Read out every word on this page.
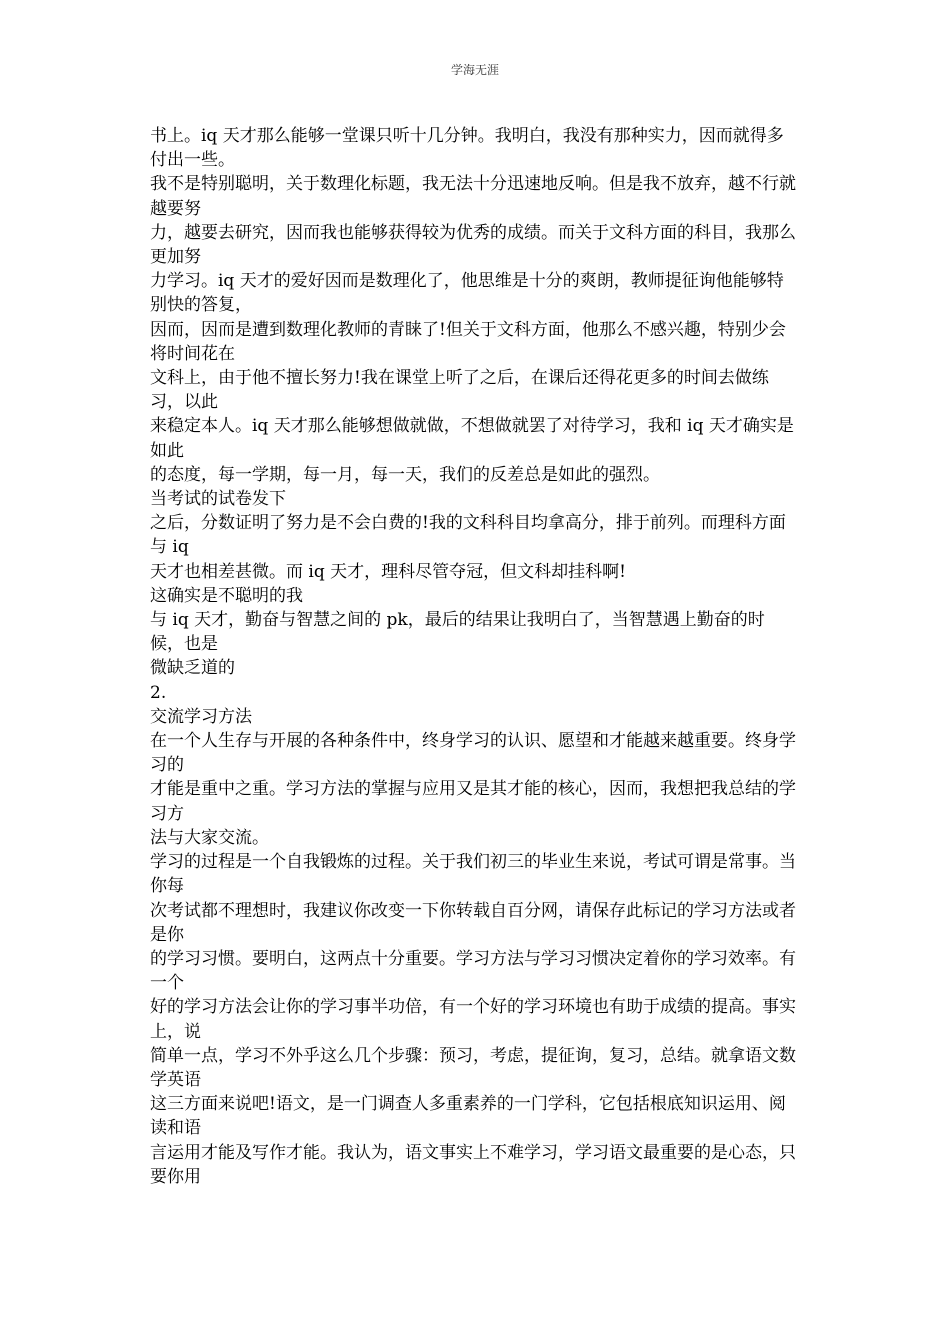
学海无涯

书上。iq 天才那么能够一堂课只听十几分钟。我明白，我没有那种实力，因而就得多付出一些。

我不是特别聪明，关于数理化标题，我无法十分迅速地反响。但是我不放弃，越不行就越要努

力，越要去研究，因而我也能够获得较为优秀的成绩。而关于文科方面的科目，我那么更加努

力学习。iq 天才的爱好因而是数理化了，他思维是十分的爽朗，教师提征询他能够特别快的答复，

因而，因而是遭到数理化教师的青睐了!但关于文科方面，他那么不感兴趣，特别少会将时间花在

文科上，由于他不擅长努力!我在课堂上听了之后，在课后还得花更多的时间去做练习，以此

来稳定本人。iq 天才那么能够想做就做，不想做就罢了对待学习，我和 iq 天才确实是如此

的态度，每一学期，每一月，每一天，我们的反差总是如此的强烈。

当考试的试卷发下

之后，分数证明了努力是不会白费的!我的文科科目均拿高分，排于前列。而理科方面与 iq

天才也相差甚微。而 iq 天才，理科尽管夺冠，但文科却挂科啊!

这确实是不聪明的我

与 iq 天才，勤奋与智慧之间的 pk，最后的结果让我明白了，当智慧遇上勤奋的时候，也是

微缺乏道的

2.

交流学习方法

在一个人生存与开展的各种条件中，终身学习的认识、愿望和才能越来越重要。终身学习的

才能是重中之重。学习方法的掌握与应用又是其才能的核心，因而，我想把我总结的学习方

法与大家交流。

学习的过程是一个自我锻炼的过程。关于我们初三的毕业生来说，考试可谓是常事。当你每

次考试都不理想时，我建议你改变一下你转载自百分网，请保存此标记的学习方法或者是你

的学习习惯。要明白，这两点十分重要。学习方法与学习习惯决定着你的学习效率。有一个

好的学习方法会让你的学习事半功倍，有一个好的学习环境也有助于成绩的提高。事实上，说

简单一点，学习不外乎这么几个步骤：预习，考虑，提征询，复习，总结。就拿语文数学英语

这三方面来说吧!语文，是一门调查人多重素养的一门学科，它包括根底知识运用、阅读和语

言运用才能及写作才能。我认为，语文事实上不难学习，学习语文最重要的是心态，只要你用
